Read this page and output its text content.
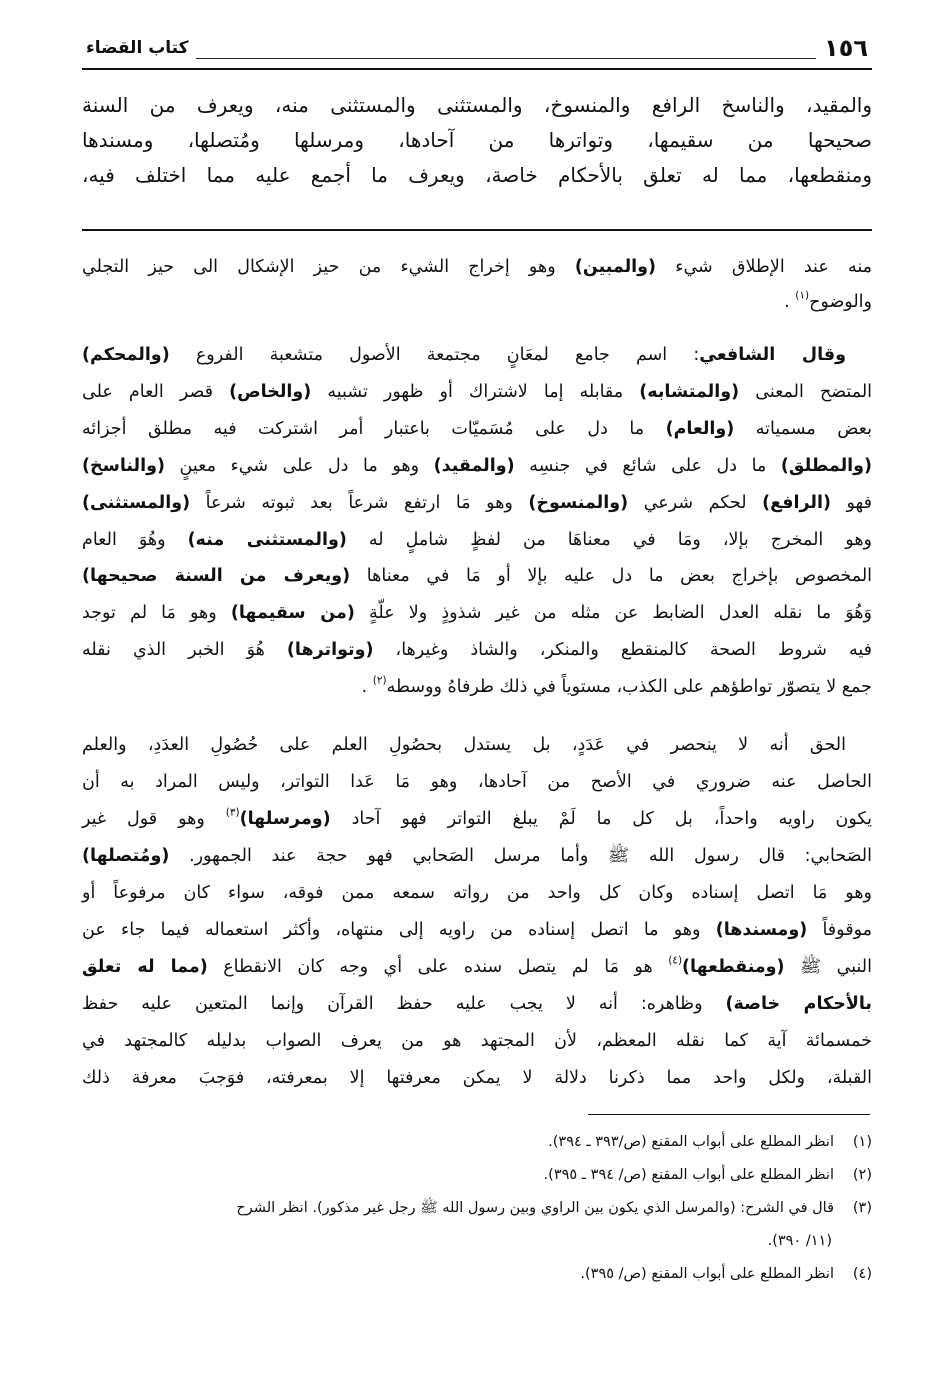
١٥٦
كتاب القضاء
والمقيد، والناسخ الرافع والمنسوخ، والمستثنى والمستثنى منه، ويعرف من السنة
صحيحها من سقيمها، وتواترها من آحادها، ومرسلها ومُتصلها، ومسندها
ومنقطعها، مما له تعلق بالأحكام خاصة، ويعرف ما أجمع عليه مما اختلف فيه،
منه عند الإطلاق شيء (والمبين) وهو إخراج الشيء من حيز الإشكال الى حيز التجلي
والوضوح$^{(١)}$ .
وقال الشافعي: اسم جامع لمعَانٍ مجتمعة الأصول متشعبة الفروع (والمحكم)
المتضح المعنى (والمتشابه) مقابله إما لاشتراك أو ظهور تشبيه (والخاص) قصر العام على
بعض مسمياته (والعام) ما دل على مُسَميّات باعتبار أمر اشتركت فيه مطلق أجزائه
(والمطلق) ما دل على شائع في جنسِه (والمقيد) وهو ما دل على شيء معينٍ (والناسخ)
فهو (الرافع) لحكم شرعي (والمنسوخ) وهو مَا ارتفع شرعاً بعد ثبوته شرعاً (والمستثنى)
وهو المخرج بإلا، ومَا في معناهَا من لفظٍ شاملٍ له (والمستثنى منه) وهُوَ العام
المخصوص بإخراج بعض ما دل عليه بإلا أو مَا في معناها (ويعرف من السنة صحيحها)
وَهُوَ ما نقله العدل الضابط عن مثله من غير شذوذٍ ولا علّةٍ (من سقيمها) وهو مَا لم توجد
فيه شروط الصحة كالمنقطع والمنكر، والشاذ وغيرها، (وتواترها) هُوَ الخبر الذي نقله
جمع لا يتصوّر تواطؤهم على الكذب، مستوياً في ذلك طرفاهُ ووسطه$^{(٢)}$ .
الحق أنه لا ينحصر في عَدَدٍ، بل يستدل بحصُولِ العلم على حُصُولِ العدَدِ، والعلم
الحاصل عنه ضروري في الأصح من آحادها، وهو مَا عَدا التواتر، وليس المراد به أن
يكون راويه واحداً، بل كل ما لَمْ يبلغ التواتر فهو آحاد (ومرسلها)$^{(٣)}$ وهو قول غير
الصَحابي: قال رسول الله ﷺ وأما مرسل الصَحابي فهو حجة عند الجمهور. (ومُتصلها)
وهو مَا اتصل إسناده وكان كل واحد من رواته سمعه ممن فوقه، سواء كان مرفوعاً أو
موقوفاً (ومسندها) وهو ما اتصل إسناده من راويه إلى منتهاه، وأكثر استعماله فيما جاء عن
النبي ﷺ (ومنقطعها)$^{(٤)}$ هو مَا لم يتصل سنده على أي وجه كان الانقطاع (مما له تعلق
بالأحكام خاصة) وظاهره: أنه لا يجب عليه حفظ القرآن وإنما المتعين عليه حفظ
خمسمائة آية كما نقله المعظم، لأن المجتهد هو من يعرف الصواب بدليله كالمجتهد في
القبلة، ولكل واحد مما ذكرنا دلالة لا يمكن معرفتها إلا بمعرفته، فوَجبَ معرفة ذلك
(١)انظر المطلع على أبواب المقنع (ص/٣٩٣ ـ ٣٩٤).
(٢)انظر المطلع على أبواب المقنع (ص/ ٣٩٤ ـ ٣٩٥).
(٣)قال في الشرح: (والمرسل الذي يكون بين الراوي وبين رسول الله ﷺ رجل غير مذكور). انظر الشرح
(١١/ ٣٩٠).
(٤)انظر المطلع على أبواب المقنع (ص/ ٣٩٥).
